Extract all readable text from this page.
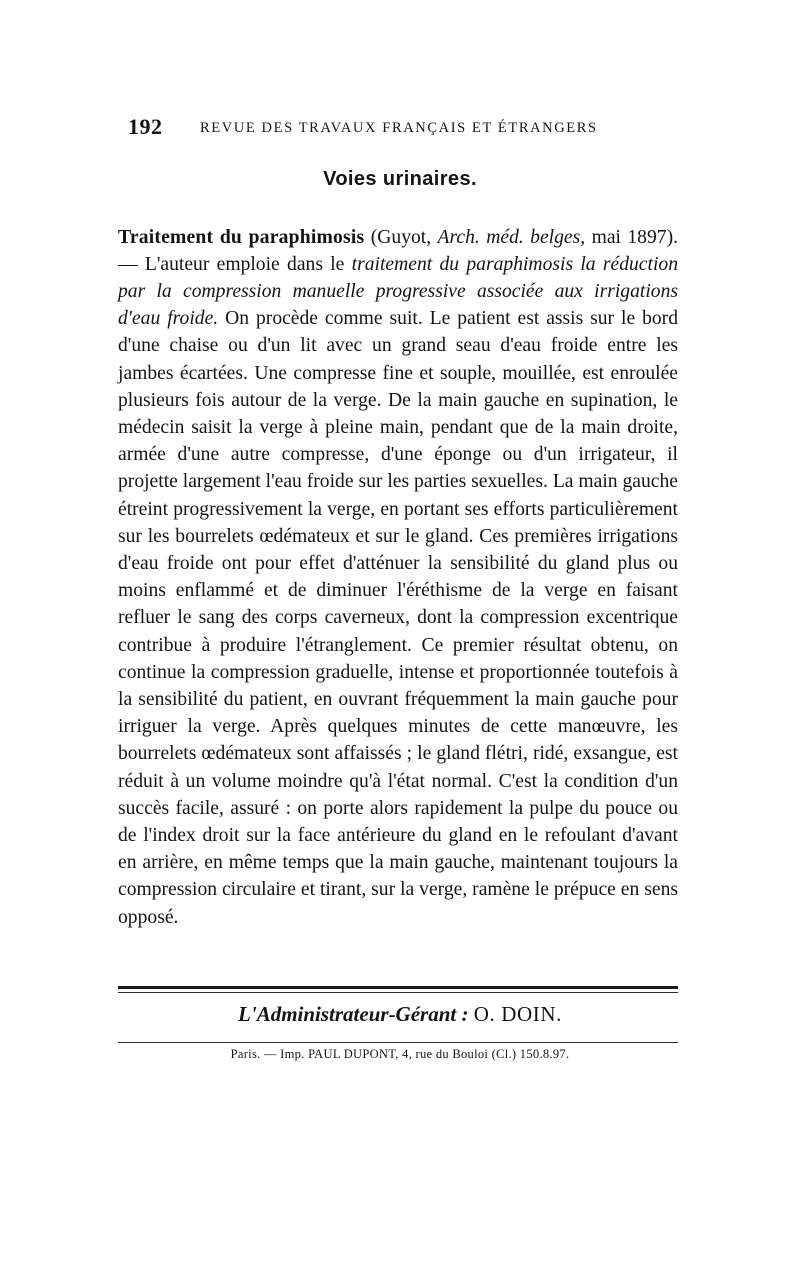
192	REVUE DES TRAVAUX FRANÇAIS ET ÉTRANGERS
Voies urinaires.

Traitement du paraphimosis (Guyot, Arch. méd. belges, mai 1897). — L'auteur emploie dans le traitement du paraphimosis la réduction par la compression manuelle progressive associée aux irrigations d'eau froide. On procède comme suit. Le patient est assis sur le bord d'une chaise ou d'un lit avec un grand seau d'eau froide entre les jambes écartées. Une compresse fine et souple, mouillée, est enroulée plusieurs fois autour de la verge. De la main gauche en supination, le médecin saisit la verge à pleine main, pendant que de la main droite, armée d'une autre compresse, d'une éponge ou d'un irrigateur, il projette largement l'eau froide sur les parties sexuelles. La main gauche étreint progressivement la verge, en portant ses efforts particulièrement sur les bourrelets œdémateux et sur le gland. Ces premières irrigations d'eau froide ont pour effet d'atténuer la sensibilité du gland plus ou moins enflammé et de diminuer l'éréthisme de la verge en faisant refluer le sang des corps caverneux, dont la compression excentrique contribue à produire l'étranglement. Ce premier résultat obtenu, on continue la compression graduelle, intense et proportionnée toutefois à la sensibilité du patient, en ouvrant fréquemment la main gauche pour irriguer la verge. Après quelques minutes de cette manœuvre, les bourrelets œdémateux sont affaissés ; le gland flétri, ridé, exsangue, est réduit à un volume moindre qu'à l'état normal. C'est la condition d'un succès facile, assuré : on porte alors rapidement la pulpe du pouce ou de l'index droit sur la face antérieure du gland en le refoulant d'avant en arrière, en même temps que la main gauche, maintenant toujours la compression circulaire et tirant, sur la verge, ramène le prépuce en sens opposé.

L'Administrateur-Gérant : O. DOIN.
Paris. — Imp. PAUL DUPONT, 4, rue du Bouloi (Cl.) 150.8.97.
